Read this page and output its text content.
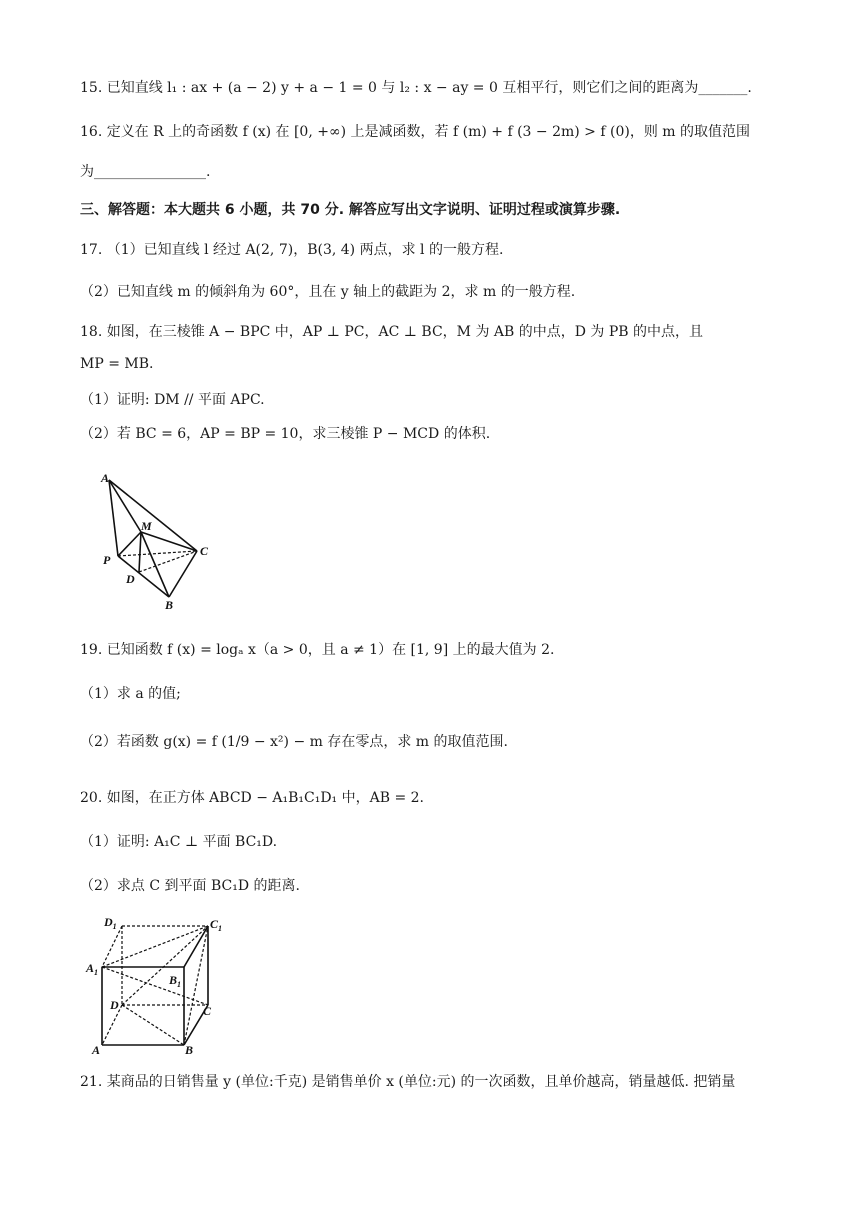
15. 已知直线 l₁ : ax + (a − 2) y + a − 1 = 0 与 l₂ : x − ay = 0 互相平行，则它们之间的距离为_______.
16. 定义在 R 上的奇函数 f (x) 在 [0, +∞) 上是减函数，若 f (m) + f (3 − 2m) > f (0)，则 m 的取值范围
为________________.
三、解答题：本大题共 6 小题，共 70 分. 解答应写出文字说明、证明过程或演算步骤.
17. （1）已知直线 l 经过 A(2, 7)，B(3, 4) 两点，求 l 的一般方程.
（2）已知直线 m 的倾斜角为 60°，且在 y 轴上的截距为 2，求 m 的一般方程.
18. 如图，在三棱锥 A − BPC 中，AP ⊥ PC，AC ⊥ BC，M 为 AB 的中点，D 为 PB 的中点，且
MP = MB.
（1）证明: DM // 平面 APC.
（2）若 BC = 6，AP = BP = 10，求三棱锥 P − MCD 的体积.
A
M
P
C
D
B
19. 已知函数 f (x) = logₐ x（a > 0，且 a ≠ 1）在 [1, 9] 上的最大值为 2.
（1）求 a 的值;
（2）若函数 g(x) = f (1/9 − x²) − m 存在零点，求 m 的取值范围.
20. 如图，在正方体 ABCD − A₁B₁C₁D₁ 中，AB = 2.
（1）证明: A₁C ⊥ 平面 BC₁D.
（2）求点 C 到平面 BC₁D 的距离.
$D_1$	$C_1$
$A_1$
$B_1$
D	C
A	B
21. 某商品的日销售量 y (单位:千克) 是销售单价 x (单位:元) 的一次函数，且单价越高，销量越低. 把销量
